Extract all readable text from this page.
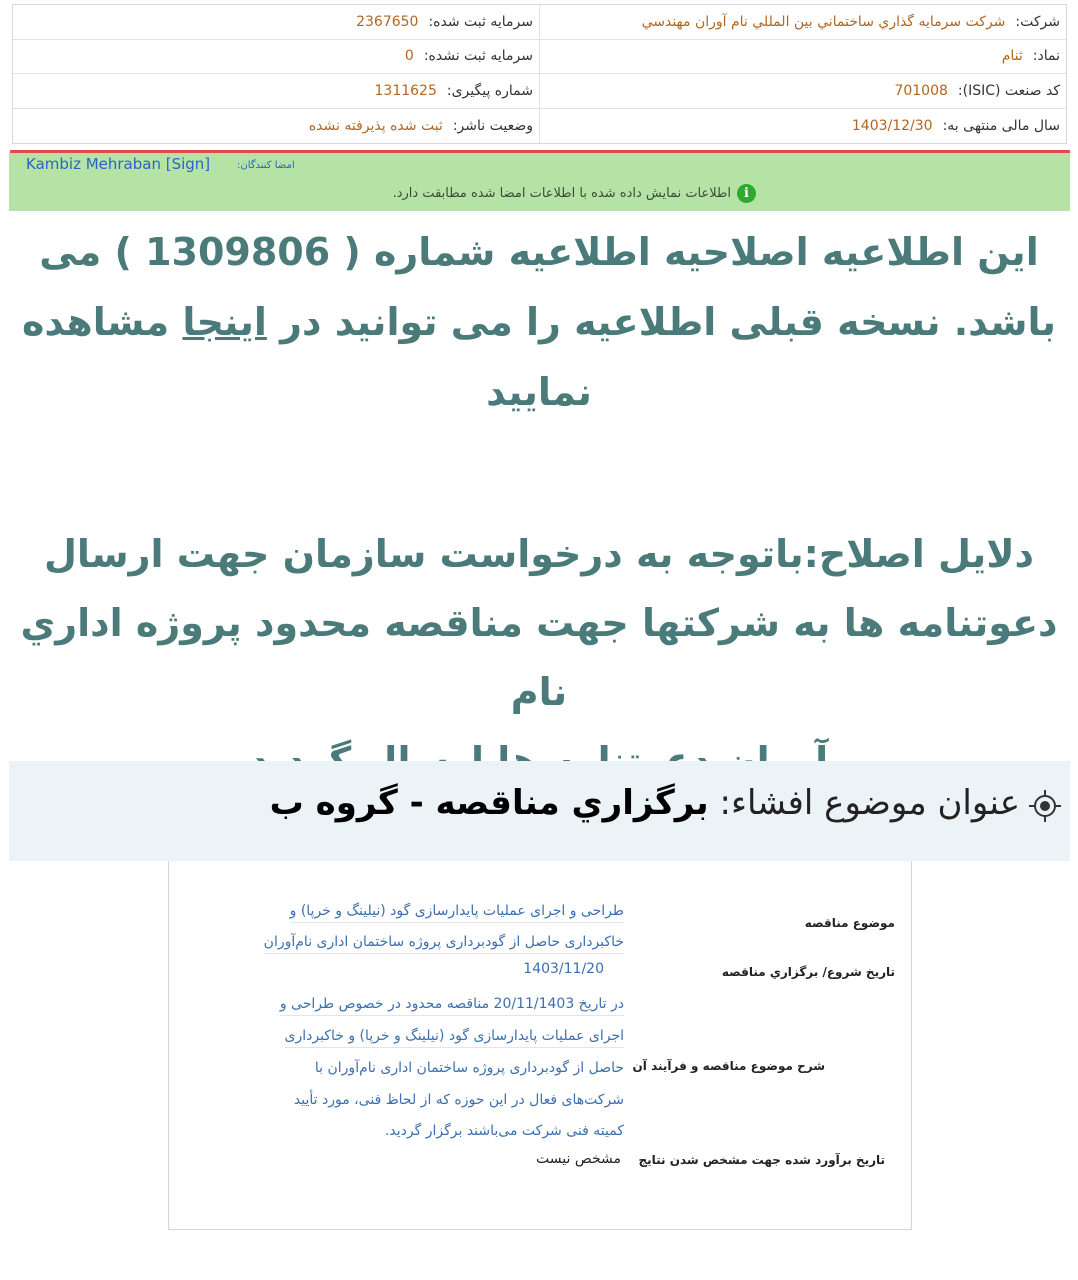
شرکت:
شرکت سرمايه گذاري ساختماني بين المللي نام آوران مهندسي
سرمايه ثبت شده:
2367650
نماد:
ثنام
سرمايه ثبت نشده:
0
کد صنعت (ISIC):
701008
شماره پيگيری:
1311625
سال مالی منتهی به:
1403/12/30
وضعيت ناشر:
ثبت شده پذيرفته نشده
Kambiz Mehraban [Sign]	امضا کنندگان:
i
اطلاعات نمايش داده شده با اطلاعات امضا شده مطابقت دارد.
این اطلاعیه اصلاحیه اطلاعیه شماره ( 1309806 ) می
باشد. نسخه قبلی اطلاعیه را می توانید در اینجا مشاهده
نمایید
دلايل اصلاح:باتوجه به درخواست سازمان جهت ارسال
دعوتنامه ها به شرکتها جهت مناقصه محدود پروژه اداري نام
عنوان موضوع افشاء: برگزاري مناقصه - گروه ب
موضوع مناقصه
طراحی و اجرای عملیات پایدارسازی گود (نیلینگ و خرپا) و
خاکبرداری حاصل از گودبرداری پروژه ساختمان اداری نام‌آوران
تاريخ شروع/ برگزاري مناقصه
1403/11/20
در تاریخ 20/11/1403 مناقصه محدود در خصوص طراحی و
اجرای عملیات پایدارسازی گود (نیلینگ و خرپا) و خاکبرداری
شرح موضوع مناقصه و فرآيند آن
حاصل از گودبرداری پروژه ساختمان اداری نام‌آوران با
شرکت‌های فعال در این حوزه که از لحاظ فنی، مورد تأیید
کمیته فنی شرکت می‌باشند برگزار گردید.
تاريخ برآورد شده جهت مشخص شدن نتايج
مشخص نيست
